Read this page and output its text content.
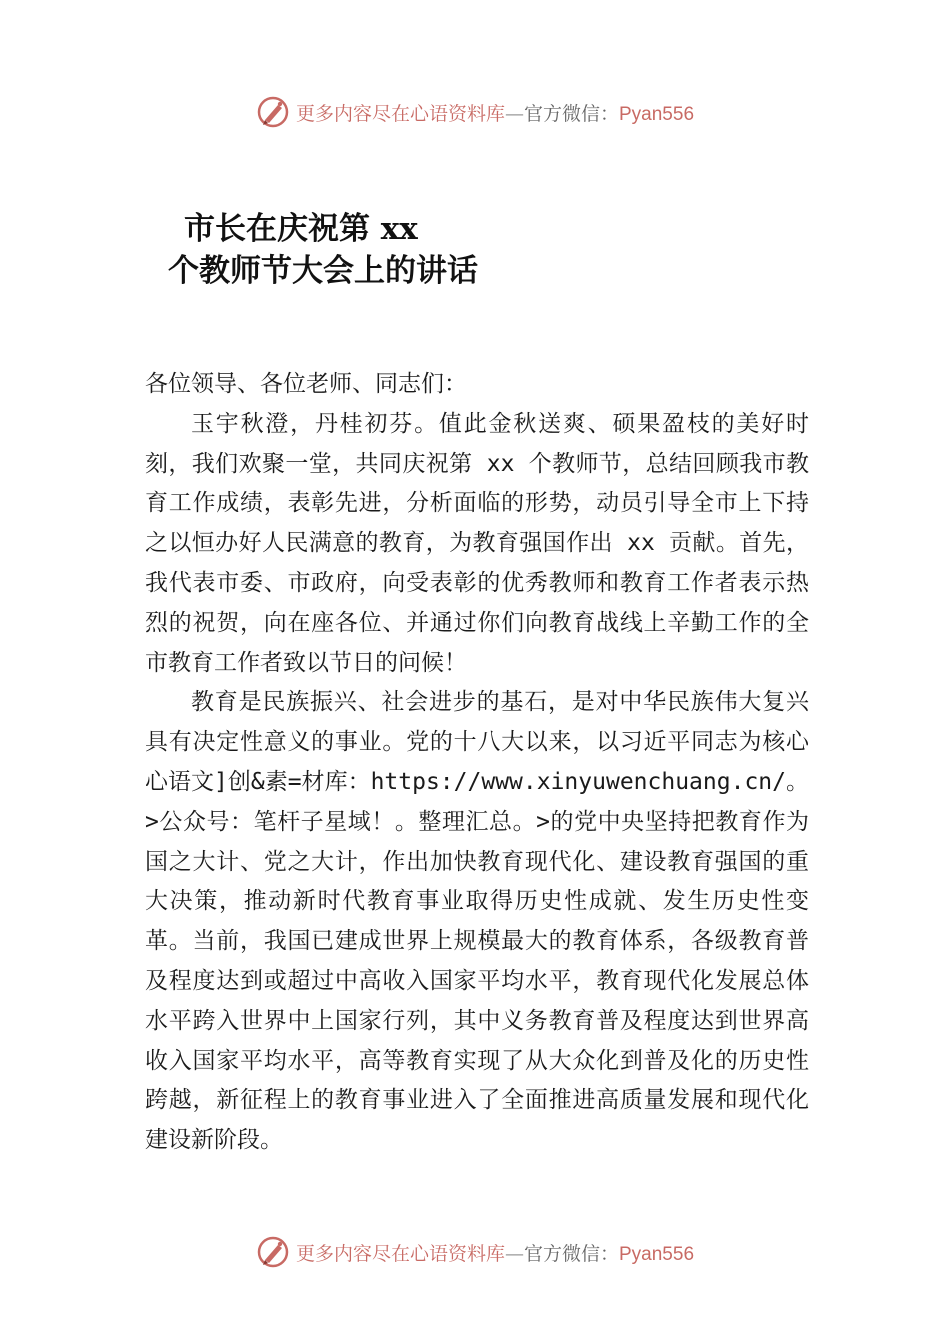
更多内容尽在心语资料库—官方微信：Pyan556
市长在庆祝第 xx
个教师节大会上的讲话

各位领导、各位老师、同志们：

玉宇秋澄，丹桂初芬。值此金秋送爽、硕果盈枝的美好时刻，我们欢聚一堂，共同庆祝第 xx 个教师节，总结回顾我市教育工作成绩，表彰先进，分析面临的形势，动员引导全市上下持之以恒办好人民满意的教育，为教育强国作出 xx 贡献。首先，我代表市委、市政府，向受表彰的优秀教师和教育工作者表示热烈的祝贺，向在座各位、并通过你们向教育战线上辛勤工作的全市教育工作者致以节日的问候！

教育是民族振兴、社会进步的基石，是对中华民族伟大复兴具有决定性意义的事业。党的十八大以来，以习近平同志为核心心语文]创&素=材库：https://www.xinyuwenchuang.cn/。>公众号：笔杆子星域！。整理汇总。>的党中央坚持把教育作为国之大计、党之大计，作出加快教育现代化、建设教育强国的重大决策，推动新时代教育事业取得历史性成就、发生历史性变革。当前，我国已建成世界上规模最大的教育体系，各级教育普及程度达到或超过中高收入国家平均水平，教育现代化发展总体水平跨入世界中上国家行列，其中义务教育普及程度达到世界高收入国家平均水平，高等教育实现了从大众化到普及化的历史性跨越，新征程上的教育事业进入了全面推进高质量发展和现代化建设新阶段。

更多内容尽在心语资料库—官方微信：Pyan556
